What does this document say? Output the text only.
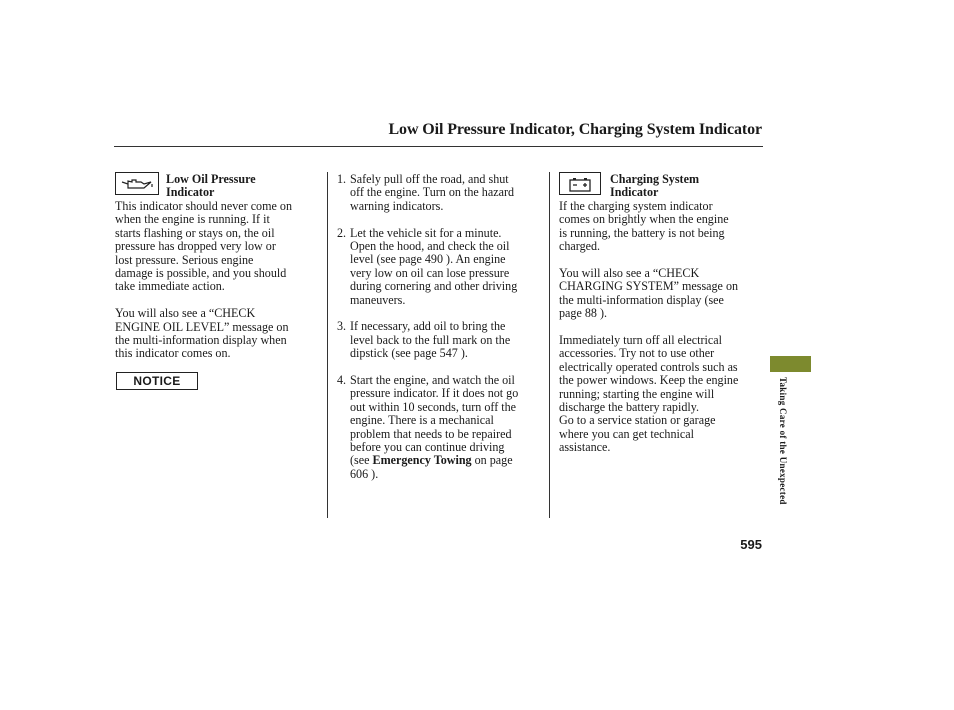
Low Oil Pressure Indicator, Charging System Indicator
Low Oil Pressure
Indicator

This indicator should never come on
when the engine is running. If it
starts flashing or stays on, the oil
pressure has dropped very low or
lost pressure. Serious engine
damage is possible, and you should
take immediate action.

You will also see a “CHECK
ENGINE OIL LEVEL” message on
the multi-information display when
this indicator comes on.

NOTICE
1. Safely pull off the road, and shut
off the engine. Turn on the hazard
warning indicators.
2. Let the vehicle sit for a minute.
Open the hood, and check the oil
level (see page 490 ). An engine
very low on oil can lose pressure
during cornering and other driving
maneuvers.
3. If necessary, add oil to bring the
level back to the full mark on the
dipstick (see page 547 ).
4. Start the engine, and watch the oil
pressure indicator. If it does not go
out within 10 seconds, turn off the
engine. There is a mechanical
problem that needs to be repaired
before you can continue driving
(see Emergency Towing on page
606 ).
Charging System
Indicator

If the charging system indicator
comes on brightly when the engine
is running, the battery is not being
charged.

You will also see a “CHECK
CHARGING SYSTEM” message on
the multi-information display (see
page 88 ).

Immediately turn off all electrical
accessories. Try not to use other
electrically operated controls such as
the power windows. Keep the engine
running; starting the engine will
discharge the battery rapidly.
Go to a service station or garage
where you can get technical
assistance.	Taking Care of the Unexpected
595
